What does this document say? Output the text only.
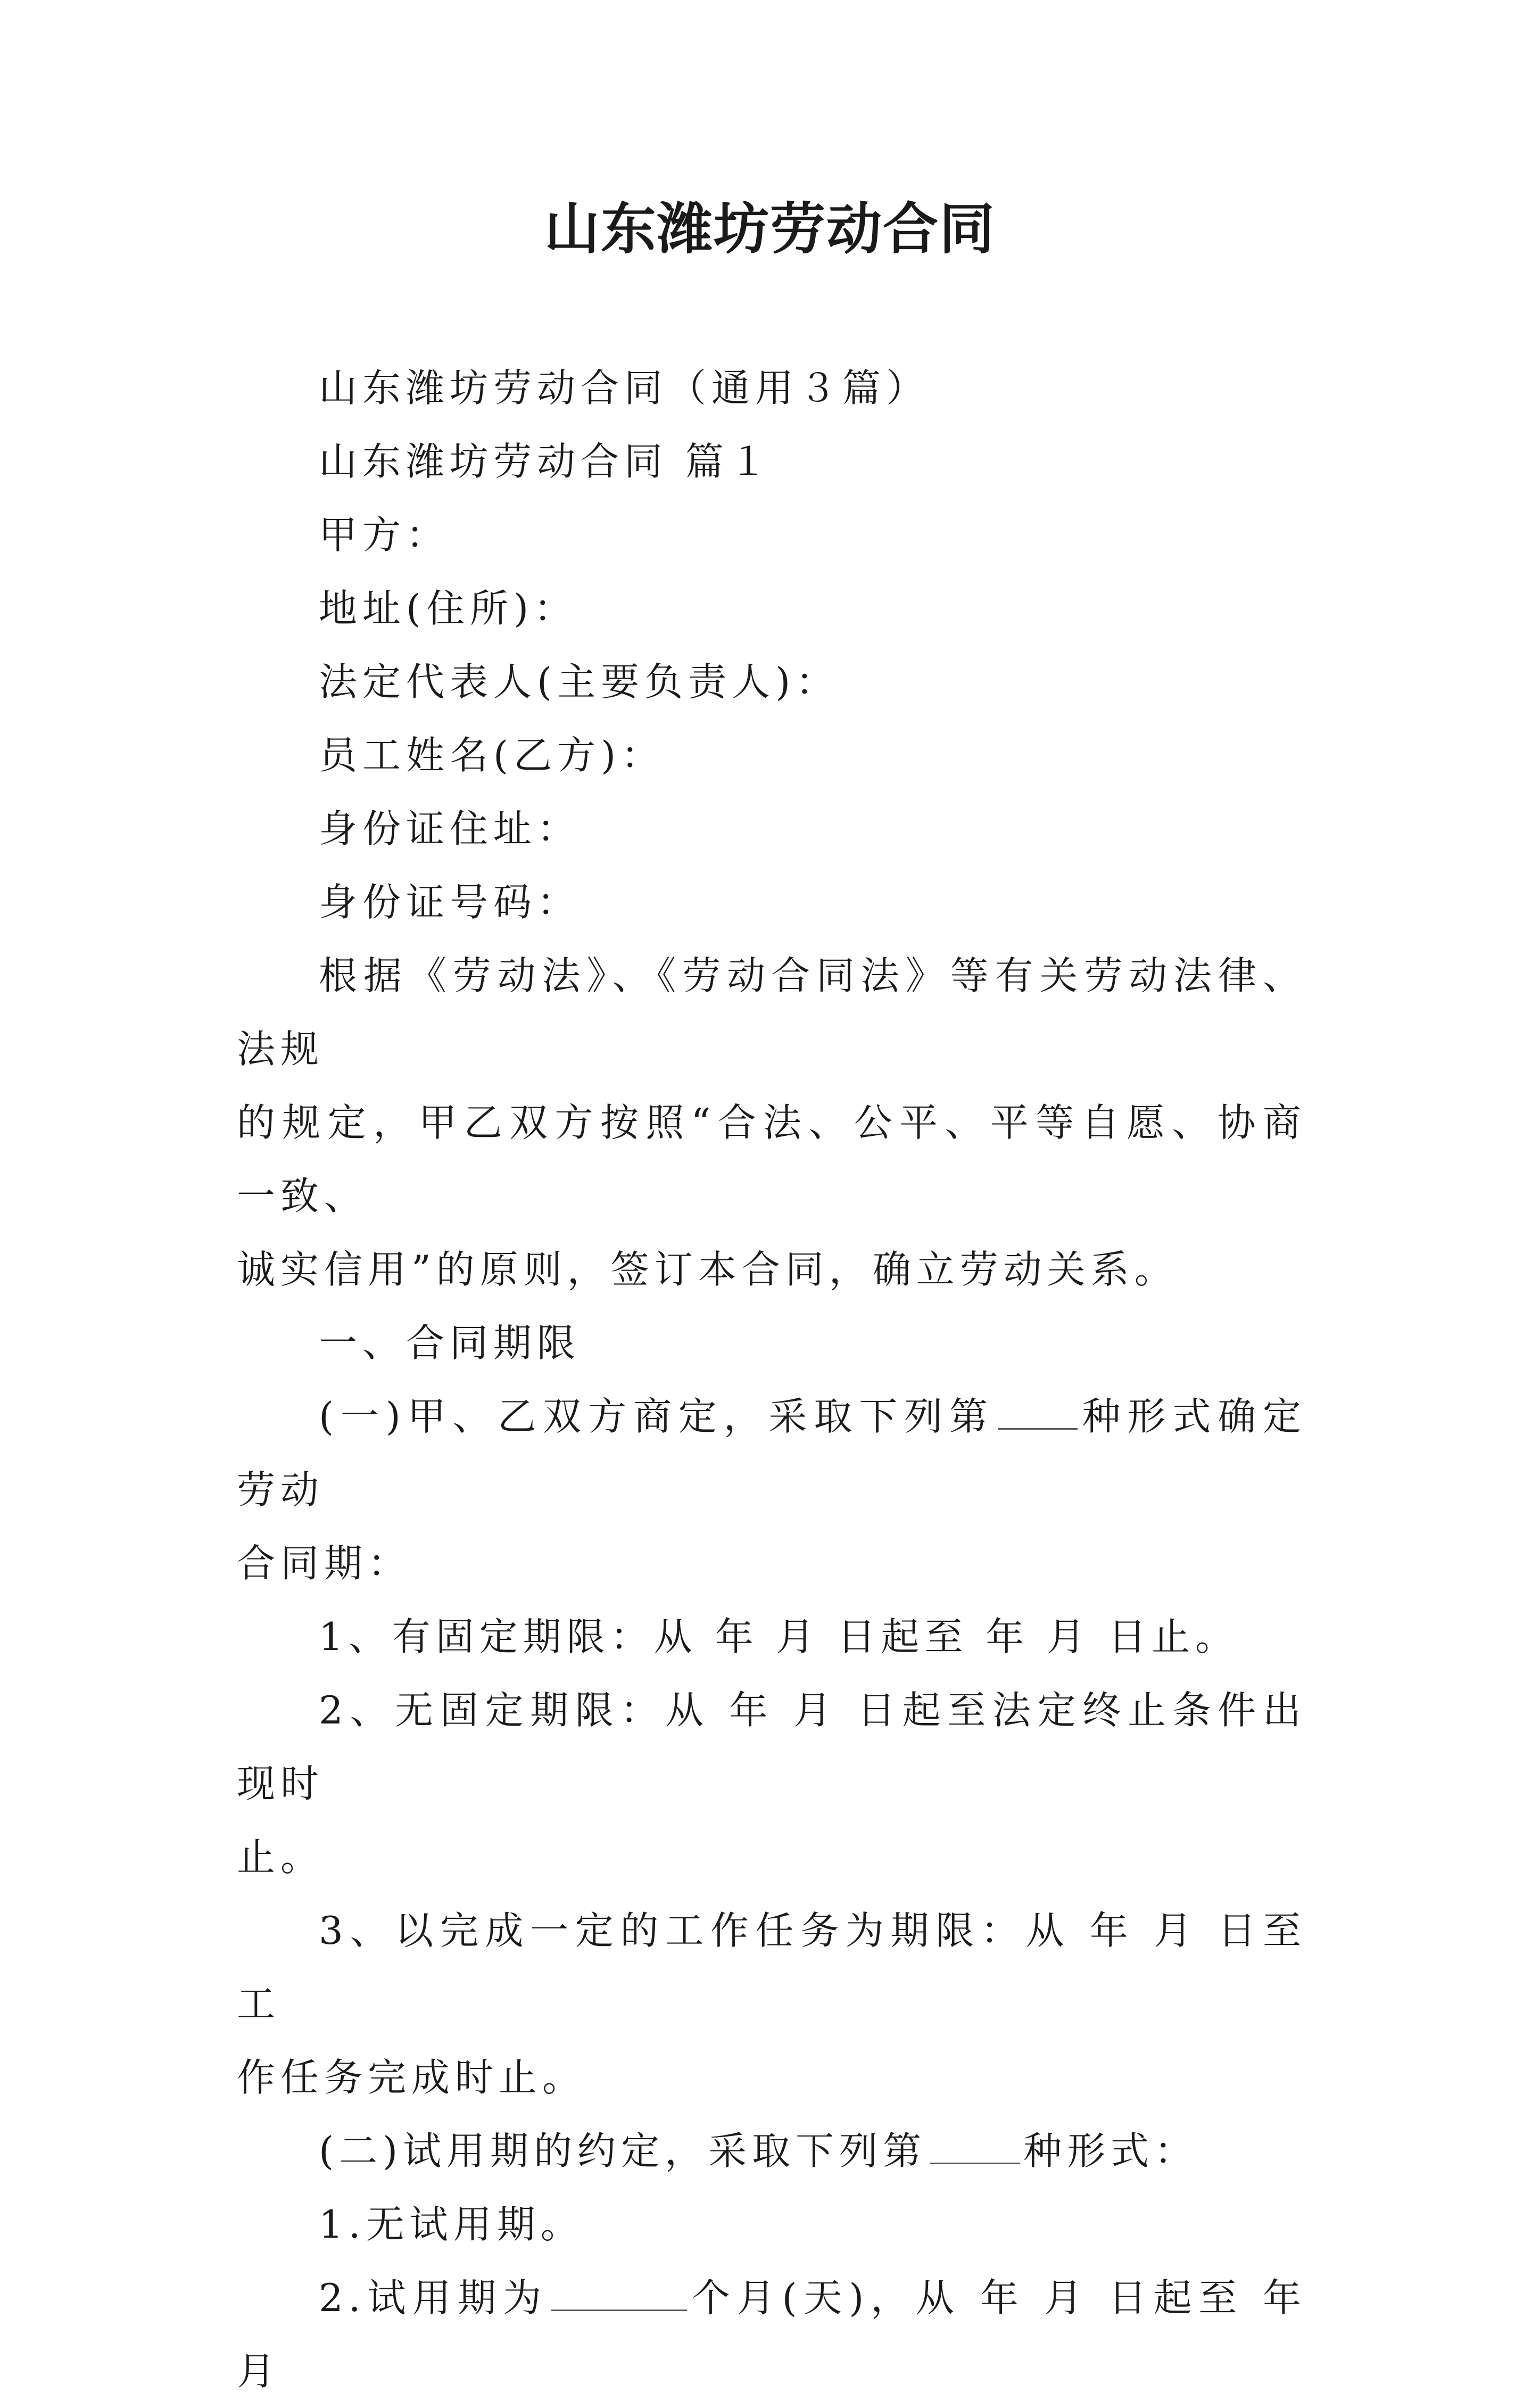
山东潍坊劳动合同

山东潍坊劳动合同（通用３篇）

山东潍坊劳动合同 篇１

甲方：

地址(住所)：

法定代表人(主要负责人)：

员工姓名(乙方)：

身份证住址：

身份证号码：

根据《劳动法》、《劳动合同法》等有关劳动法律、法规
的规定，甲乙双方按照“合法、公平、平等自愿、协商一致、
诚实信用”的原则，签订本合同，确立劳动关系。

一、合同期限

(一)甲、乙双方商定，采取下列第 种形式确定劳动
合同期：

1、有固定期限：从 年 月 日起至 年 月 日止。

2、无固定期限：从 年 月 日起至法定终止条件出现时
止。

3、以完成一定的工作任务为期限：从 年 月 日至 工
作任务完成时止。

(二)试用期的约定，采取下列第	种形式：

1.无试用期。

2.试用期为	个月(天)，从 年 月 日起至 年 月
